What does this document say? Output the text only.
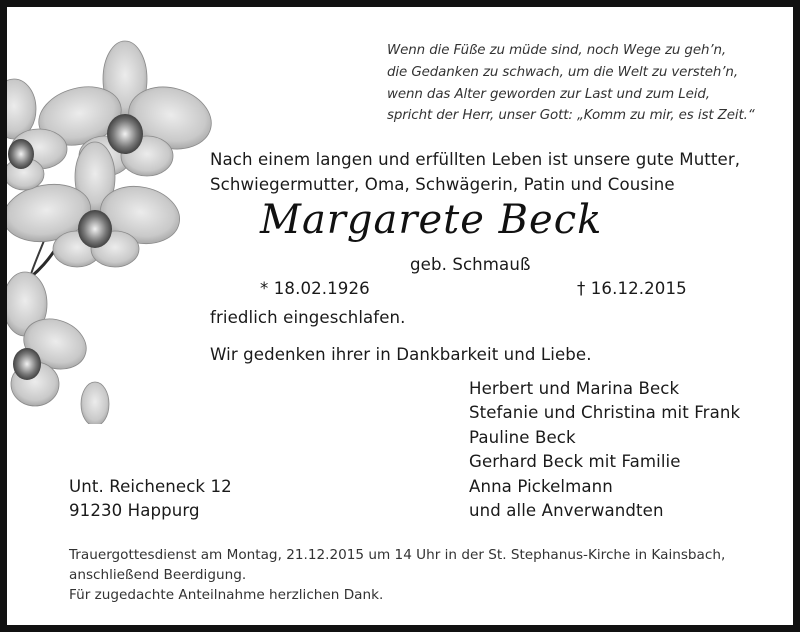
Wenn die Füße zu müde sind, noch Wege zu geh’n,
die Gedanken zu schwach, um die Welt zu versteh’n,
wenn das Alter geworden zur Last und zum Leid,
spricht der Herr, unser Gott: „Komm zu mir, es ist Zeit.“
Nach einem langen und erfüllten Leben ist unsere gute Mutter,
Schwiegermutter, Oma, Schwägerin, Patin und Cousine
Margarete Beck
geb. Schmauß
* 18.02.1926	† 16.12.2015
friedlich eingeschlafen.
Wir gedenken ihrer in Dankbarkeit und Liebe.
Herbert und Marina Beck
Stefanie und Christina mit Frank
Pauline Beck
Gerhard Beck mit Familie
Anna Pickelmann
und alle Anverwandten
Unt. Reicheneck 12
91230 Happurg
Trauergottesdienst am Montag, 21.12.2015 um 14 Uhr in der St. Stephanus-Kirche in Kainsbach,
anschließend Beerdigung.
Für zugedachte Anteilnahme herzlichen Dank.
